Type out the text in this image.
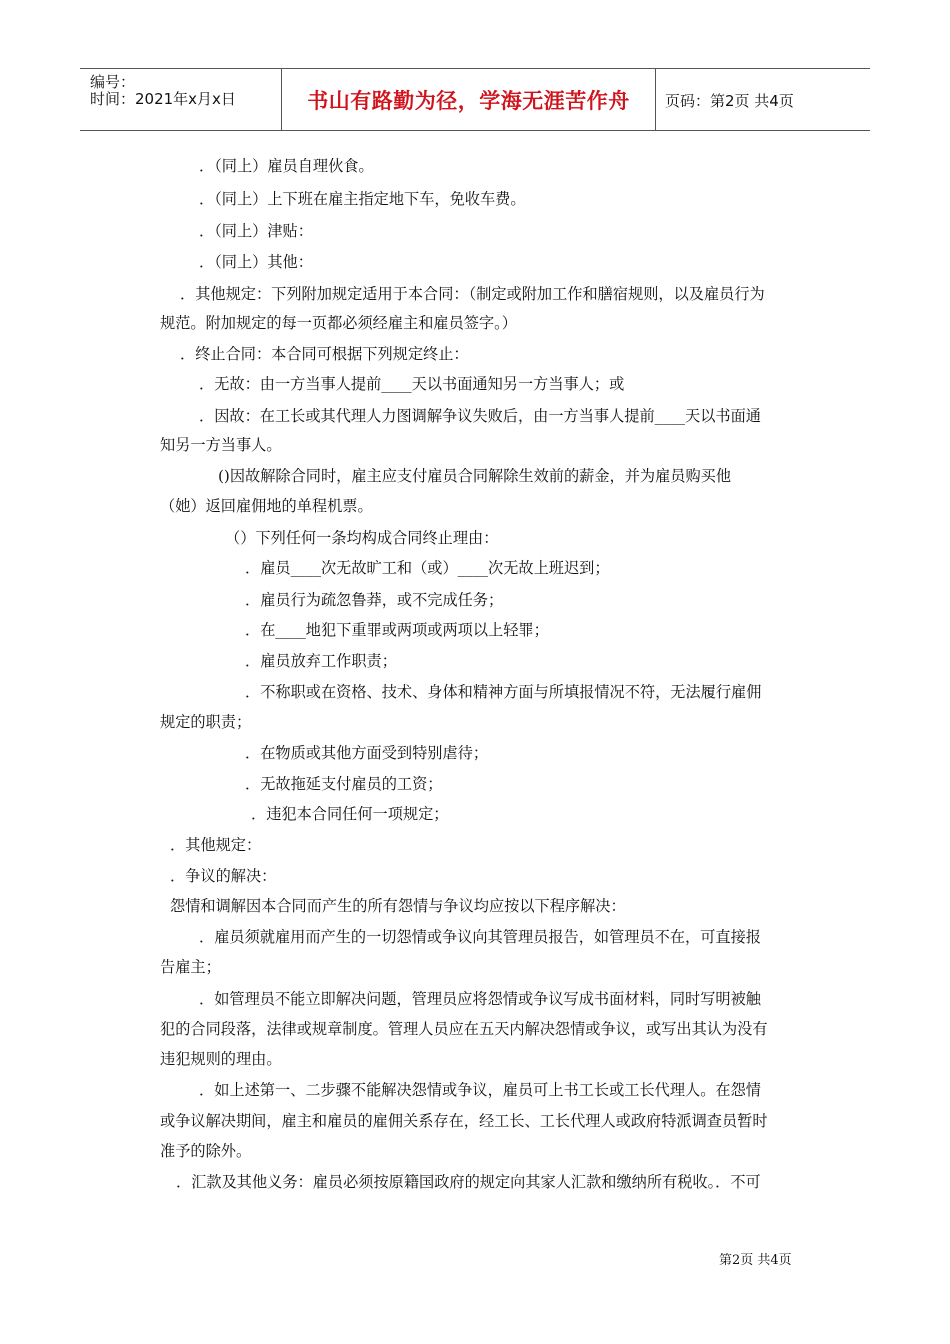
编号：
时间：2021年x月x日	书山有路勤为径，学海无涯苦作舟	页码：第2页 共4页
．（同上）雇员自理伙食。
．（同上）上下班在雇主指定地下车，免收车费。
．（同上）津贴：
．（同上）其他：
．其他规定：下列附加规定适用于本合同：（制定或附加工作和膳宿规则，以及雇员行为
规范。附加规定的每一页都必须经雇主和雇员签字。）
．终止合同：本合同可根据下列规定终止：
．无故：由一方当事人提前____天以书面通知另一方当事人；或
．因故：在工长或其代理人力图调解争议失败后，由一方当事人提前____天以书面通
知另一方当事人。
()因故解除合同时，雇主应支付雇员合同解除生效前的薪金，并为雇员购买他
（她）返回雇佣地的单程机票。
（）下列任何一条均构成合同终止理由：
．雇员____次无故旷工和（或）____次无故上班迟到；
．雇员行为疏忽鲁莽，或不完成任务；
．在____地犯下重罪或两项或两项以上轻罪；
．雇员放弃工作职责；
．不称职或在资格、技术、身体和精神方面与所填报情况不符，无法履行雇佣
规定的职责；
．在物质或其他方面受到特别虐待；
．无故拖延支付雇员的工资；
．违犯本合同任何一项规定；
．其他规定：
．争议的解决：
怨情和调解因本合同而产生的所有怨情与争议均应按以下程序解决：
．雇员须就雇用而产生的一切怨情或争议向其管理员报告，如管理员不在，可直接报
告雇主；
．如管理员不能立即解决问题，管理员应将怨情或争议写成书面材料，同时写明被触
犯的合同段落，法律或规章制度。管理人员应在五天内解决怨情或争议，或写出其认为没有
违犯规则的理由。
．如上述第一、二步骤不能解决怨情或争议，雇员可上书工长或工长代理人。在怨情
或争议解决期间，雇主和雇员的雇佣关系存在，经工长、工长代理人或政府特派调查员暂时
准予的除外。
．汇款及其他义务：雇员必须按原籍国政府的规定向其家人汇款和缴纳所有税收。．不可
第2页 共4页
